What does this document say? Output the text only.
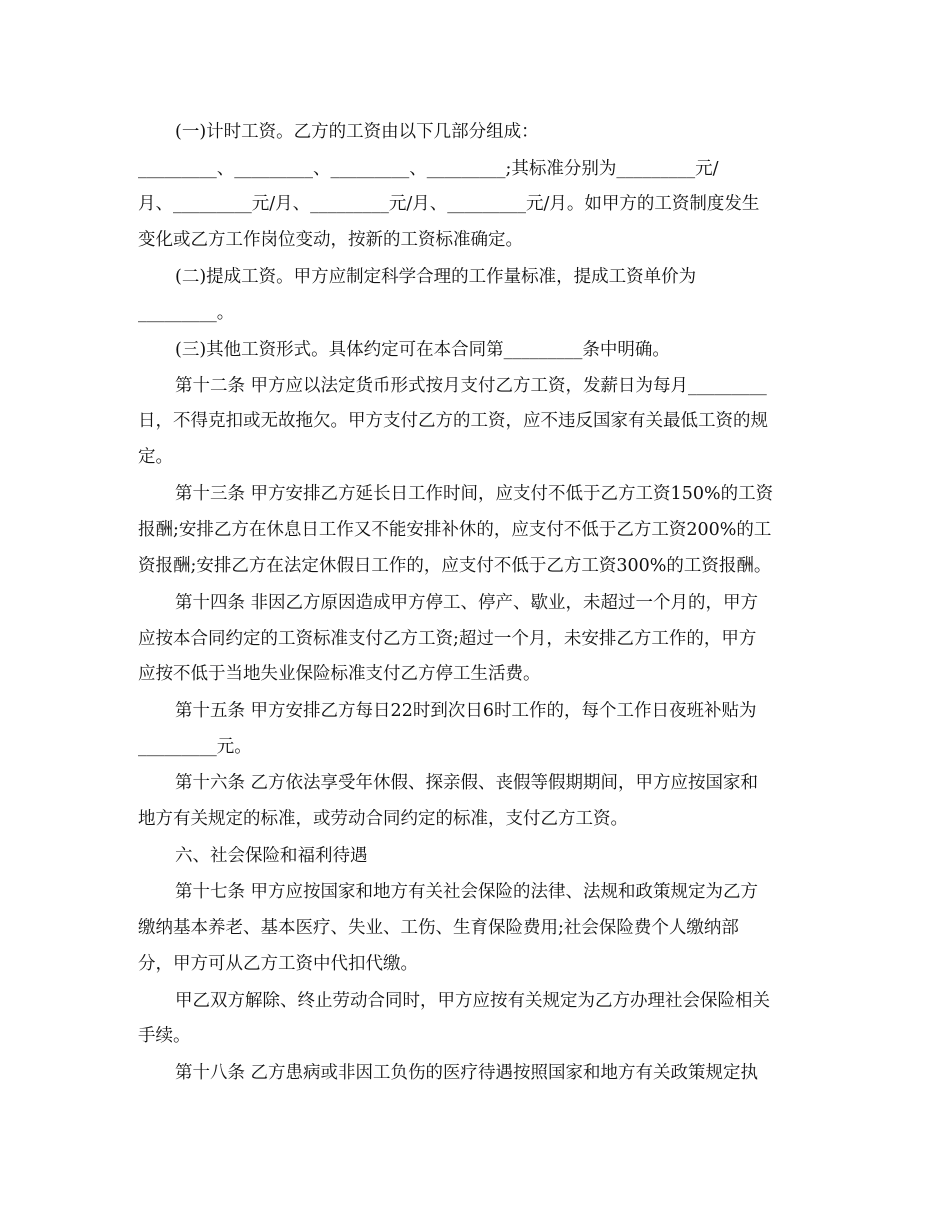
(一)计时工资。乙方的工资由以下几部分组成：
_________、_________、_________、_________;其标准分别为_________元/
月、_________元/月、_________元/月、_________元/月。如甲方的工资制度发生
变化或乙方工作岗位变动，按新的工资标准确定。
(二)提成工资。甲方应制定科学合理的工作量标准，提成工资单价为
_________。
(三)其他工资形式。具体约定可在本合同第_________条中明确。
第十二条 甲方应以法定货币形式按月支付乙方工资，发薪日为每月_________
日，不得克扣或无故拖欠。甲方支付乙方的工资，应不违反国家有关最低工资的规
定。
第十三条 甲方安排乙方延长日工作时间，应支付不低于乙方工资150%的工资
报酬;安排乙方在休息日工作又不能安排补休的，应支付不低于乙方工资200%的工
资报酬;安排乙方在法定休假日工作的，应支付不低于乙方工资300%的工资报酬。
第十四条 非因乙方原因造成甲方停工、停产、歇业，未超过一个月的，甲方
应按本合同约定的工资标准支付乙方工资;超过一个月，未安排乙方工作的，甲方
应按不低于当地失业保险标准支付乙方停工生活费。
第十五条 甲方安排乙方每日22时到次日6时工作的，每个工作日夜班补贴为
_________元。
第十六条 乙方依法享受年休假、探亲假、丧假等假期期间，甲方应按国家和
地方有关规定的标准，或劳动合同约定的标准，支付乙方工资。
六、社会保险和福利待遇
第十七条 甲方应按国家和地方有关社会保险的法律、法规和政策规定为乙方
缴纳基本养老、基本医疗、失业、工伤、生育保险费用;社会保险费个人缴纳部
分，甲方可从乙方工资中代扣代缴。
甲乙双方解除、终止劳动合同时，甲方应按有关规定为乙方办理社会保险相关
手续。
第十八条 乙方患病或非因工负伤的医疗待遇按照国家和地方有关政策规定执
